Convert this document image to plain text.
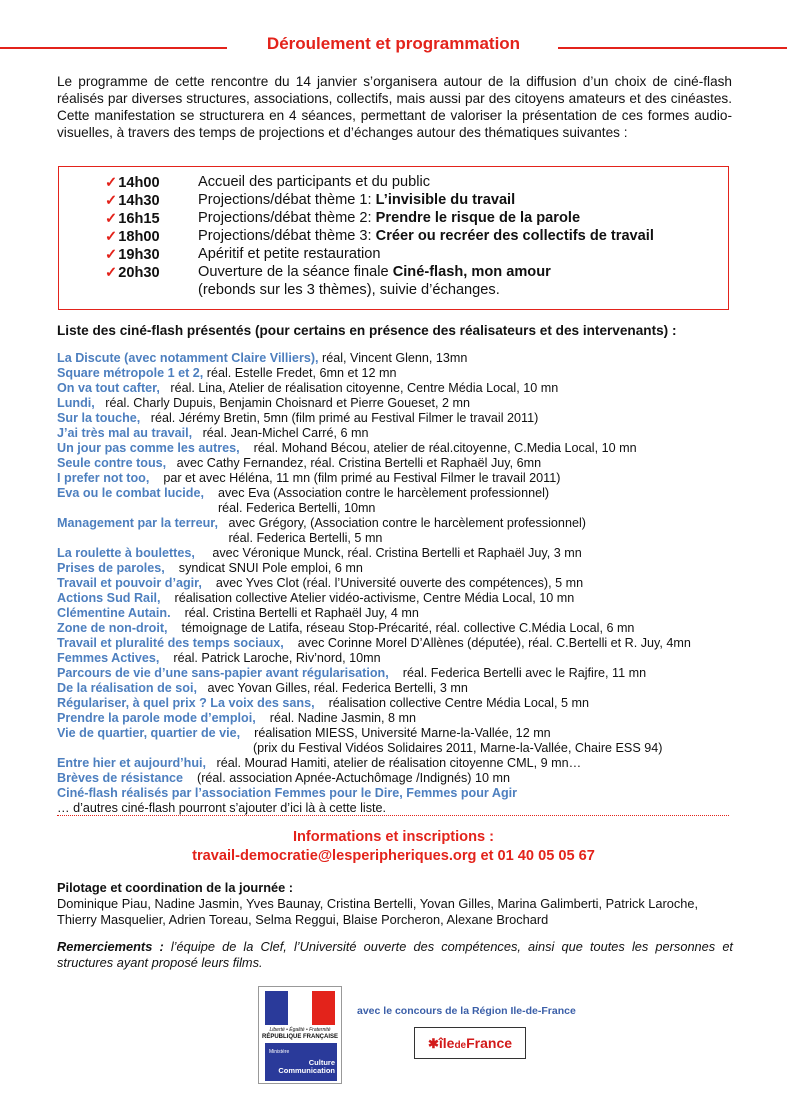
Déroulement et programmation
Le programme de cette rencontre du 14 janvier s’organisera autour de la diffusion d’un choix de ciné-flash réalisés par diverses structures, associations, collectifs, mais aussi par des citoyens amateurs et des cinéastes. Cette manifestation se structurera en 4 séances, permettant de valoriser la présentation de ces formes audio-visuelles, à travers des temps de projections et d’échanges autour des thématiques suivantes :
✓14h00	Accueil des participants et du public
✓14h30	Projections/débat thème 1: L’invisible du travail
✓16h15	Projections/débat thème 2: Prendre le risque de la parole
✓18h00	Projections/débat thème 3: Créer ou recréer des collectifs de travail
✓19h30	Apéritif et petite restauration
✓20h30	Ouverture de la séance finale Ciné-flash, mon amour
(rebonds sur les 3 thèmes), suivie d’échanges.
Liste des ciné-flash présentés (pour certains en présence des réalisateurs et des intervenants) :
La Discute (avec notamment Claire Villiers), réal, Vincent Glenn, 13mn
Square métropole 1 et 2, réal. Estelle Fredet, 6mn et 12 mn
On va tout cafter,   réal. Lina, Atelier de réalisation citoyenne, Centre Média Local, 10 mn
Lundi,   réal. Charly Dupuis, Benjamin Choisnard et Pierre Goueset, 2 mn
Sur la touche,   réal. Jérémy Bretin, 5mn (film primé au Festival Filmer le travail 2011)
J’ai très mal au travail,   réal. Jean-Michel Carré, 6 mn
Un jour pas comme les autres,    réal. Mohand Bécou, atelier de réal.citoyenne, C.Media Local, 10 mn
Seule contre tous,   avec Cathy Fernandez, réal. Cristina Bertelli et Raphaël Juy, 6mn
I prefer not too,    par et avec Héléna, 11 mn (film primé au Festival Filmer le travail 2011)
Eva ou le combat lucide,    avec Eva (Association contre le harcèlement professionnel)
réal. Federica Bertelli, 10mn
Management par la terreur,   avec Grégory, (Association contre le harcèlement professionnel)
réal. Federica Bertelli, 5 mn
La roulette à boulettes,     avec Véronique Munck, réal. Cristina Bertelli et Raphaël Juy, 3 mn
Prises de paroles,    syndicat SNUI Pole emploi, 6 mn
Travail et pouvoir d’agir,    avec Yves Clot (réal. l’Université ouverte des compétences), 5 mn
Actions Sud Rail,    réalisation collective Atelier vidéo-activisme, Centre Média Local, 10 mn
Clémentine Autain.    réal. Cristina Bertelli et Raphaël Juy, 4 mn
Zone de non-droit,    témoignage de Latifa, réseau Stop-Précarité, réal. collective C.Média Local, 6 mn
Travail et pluralité des temps sociaux,    avec Corinne Morel D’Allènes (députée), réal. C.Bertelli et R. Juy, 4mn
Femmes Actives,    réal. Patrick Laroche, Riv’nord, 10mn
Parcours de vie d’une sans-papier avant régularisation,    réal. Federica Bertelli avec le Rajfire, 11 mn
De la réalisation de soi,   avec Yovan Gilles, réal. Federica Bertelli, 3 mn
Régulariser, à quel prix ? La voix des sans,    réalisation collective Centre Média Local, 5 mn
Prendre la parole mode d’emploi,    réal. Nadine Jasmin, 8 mn
Vie de quartier, quartier de vie,    réalisation MIESS, Université Marne-la-Vallée, 12 mn
(prix du Festival Vidéos Solidaires 2011, Marne-la-Vallée, Chaire ESS 94)
Entre hier et aujourd’hui,   réal. Mourad Hamiti, atelier de réalisation citoyenne CML, 9 mn…
Brèves de résistance    (réal. association Apnée-Actuchômage /Indignés) 10 mn
Ciné-flash réalisés par l’association Femmes pour le Dire, Femmes pour Agir
… d’autres ciné-flash pourront s’ajouter d’ici là à cette liste.
Informations et inscriptions :
travail-democratie@lesperipheriques.org et 01 40 05 05 67
Pilotage et coordination de la journée :
Dominique Piau, Nadine Jasmin, Yves Baunay, Cristina Bertelli, Yovan Gilles, Marina Galimberti, Patrick Laroche, Thierry Masquelier, Adrien Toreau, Selma Reggui, Blaise Porcheron, Alexane Brochard
Remerciements : l’équipe de la Clef, l’Université ouverte des compétences, ainsi que toutes les personnes et structures ayant proposé leurs films.
Liberté • Égalité • Fraternité
RÉPUBLIQUE FRANÇAISE
Ministère
Culture
Communication
avec le concours de la Région Ile-de-France
✱îledeFrance
